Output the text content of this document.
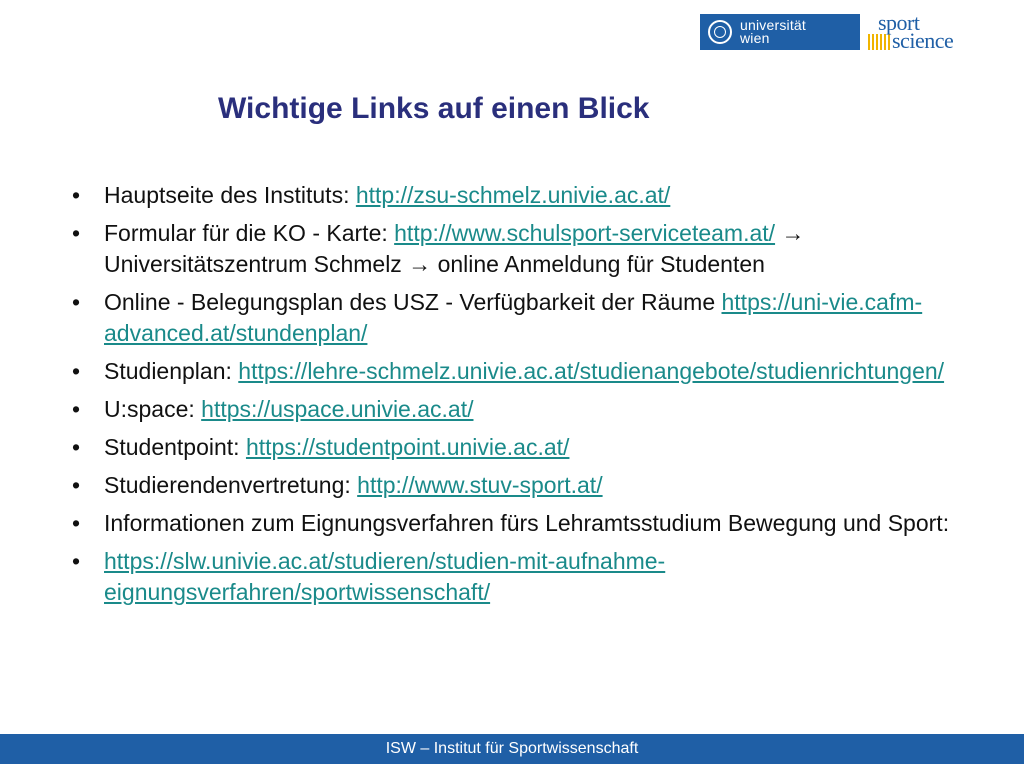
universität
wien
sport
science
Wichtige Links auf einen Blick
• Hauptseite des Instituts: http://zsu-schmelz.univie.ac.at/
• Formular für die KO - Karte: http://www.schulsport-serviceteam.at/ → Universitätszentrum Schmelz → online Anmeldung für Studenten
• Online - Belegungsplan des USZ - Verfügbarkeit der Räume https://uni-vie.cafm-advanced.at/stundenplan/
• Studienplan: https://lehre-schmelz.univie.ac.at/studienangebote/studienrichtungen/
• U:space: https://uspace.univie.ac.at/
• Studentpoint: https://studentpoint.univie.ac.at/
• Studierendenvertretung: http://www.stuv-sport.at/
• Informationen zum Eignungsverfahren fürs Lehramtsstudium Bewegung und Sport:
• https://slw.univie.ac.at/studieren/studien-mit-aufnahme-eignungsverfahren/sportwissenschaft/
ISW – Institut für Sportwissenschaft
